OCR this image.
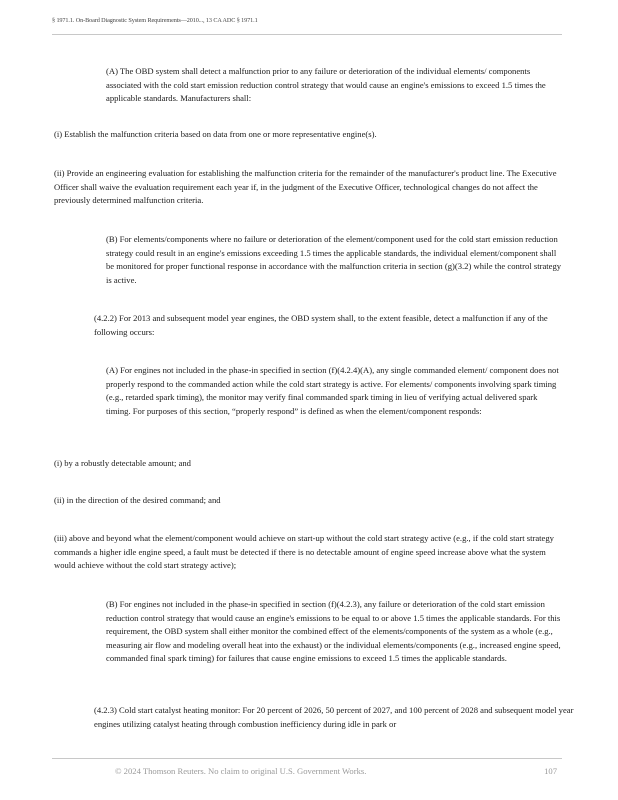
§ 1971.1. On-Board Diagnostic System Requirements—2010..., 13 CA ADC § 1971.1
(A) The OBD system shall detect a malfunction prior to any failure or deterioration of the individual elements/ components associated with the cold start emission reduction control strategy that would cause an engine's emissions to exceed 1.5 times the applicable standards. Manufacturers shall:
(i) Establish the malfunction criteria based on data from one or more representative engine(s).
(ii) Provide an engineering evaluation for establishing the malfunction criteria for the remainder of the manufacturer's product line. The Executive Officer shall waive the evaluation requirement each year if, in the judgment of the Executive Officer, technological changes do not affect the previously determined malfunction criteria.
(B) For elements/components where no failure or deterioration of the element/component used for the cold start emission reduction strategy could result in an engine's emissions exceeding 1.5 times the applicable standards, the individual element/component shall be monitored for proper functional response in accordance with the malfunction criteria in section (g)(3.2) while the control strategy is active.
(4.2.2) For 2013 and subsequent model year engines, the OBD system shall, to the extent feasible, detect a malfunction if any of the following occurs:
(A) For engines not included in the phase-in specified in section (f)(4.2.4)(A), any single commanded element/ component does not properly respond to the commanded action while the cold start strategy is active. For elements/ components involving spark timing (e.g., retarded spark timing), the monitor may verify final commanded spark timing in lieu of verifying actual delivered spark timing. For purposes of this section, “properly respond” is defined as when the element/component responds:
(i) by a robustly detectable amount; and
(ii) in the direction of the desired command; and
(iii) above and beyond what the element/component would achieve on start-up without the cold start strategy active (e.g., if the cold start strategy commands a higher idle engine speed, a fault must be detected if there is no detectable amount of engine speed increase above what the system would achieve without the cold start strategy active);
(B) For engines not included in the phase-in specified in section (f)(4.2.3), any failure or deterioration of the cold start emission reduction control strategy that would cause an engine's emissions to be equal to or above 1.5 times the applicable standards. For this requirement, the OBD system shall either monitor the combined effect of the elements/components of the system as a whole (e.g., measuring air flow and modeling overall heat into the exhaust) or the individual elements/components (e.g., increased engine speed, commanded final spark timing) for failures that cause engine emissions to exceed 1.5 times the applicable standards.
(4.2.3) Cold start catalyst heating monitor: For 20 percent of 2026, 50 percent of 2027, and 100 percent of 2028 and subsequent model year engines utilizing catalyst heating through combustion inefficiency during idle in park or
© 2024 Thomson Reuters. No claim to original U.S. Government Works.	107
